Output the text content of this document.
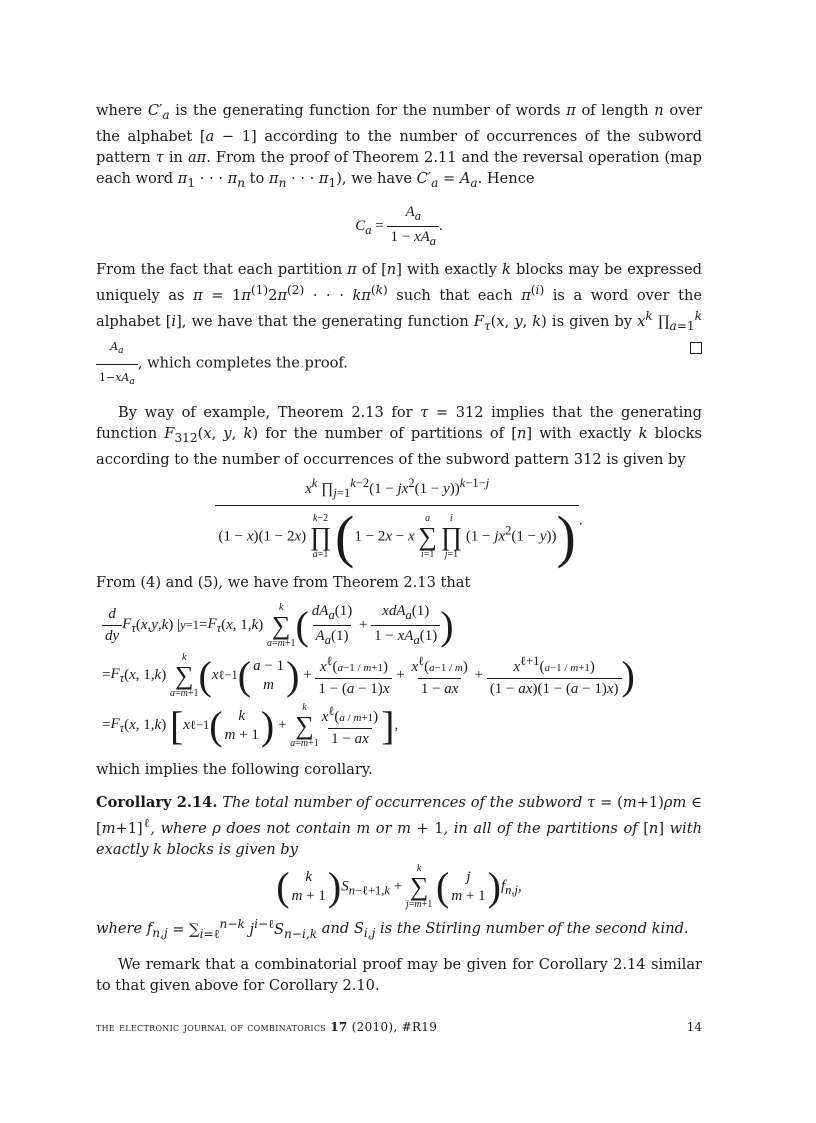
where $C'_a$ is the generating function for the number of words π of length n over the alphabet [a − 1] according to the number of occurrences of the subword pattern τ in aπ. From the proof of Theorem 2.11 and the reversal operation (map each word $\pi_1$ · · · $\pi_n$ to $\pi_n$ · · · $\pi_1$), we have $C'_a = A_a$. Hence

$C_a = \frac{A_a}{1 - xA_a}$ .

From the fact that each partition π of [n] with exactly k blocks may be expressed uniquely as $\pi = 1\pi^{(1)}2\pi^{(2)}$ · · · $k\pi^{(k)}$ such that each $\pi^{(i)}$ is a word over the alphabet [i], we have that the generating function $F_\tau(x$, y, k) is given by $x^k$ $\prod_{a=1}^k$
$\frac{A_a}{1-xA_a}$ , which completes the proof.

By way of example, Theorem 2.13 for τ = 312 implies that the generating function $F_{312}(x$, y, k) for the number of partitions of [n] with exactly k blocks according to the number of occurrences of the subword pattern 312 is given by

$x^k$ $\prod_{j=1}^{k-2}(1 - jx^2(1 - y))^{k-1-j}$
(1 − x)(1 − 2x)
k−2
∏
a=1 (1 − 2x − x
a
∑
i=1

i
∏
j=1
$(1 - jx^2(1 - y))$) .

From (4) and (5), we have from Theorem 2.13 that

$\frac{d}{dy} F_\tau$ ( x , y , k ) | $y=1 = F_\tau$ ( x , 1, k )
k
∑
a=m+1 ( $\frac{dA_a(1)}{A_a(1)} + \frac{xdA_a(1)}{1 - xA_a(1)}$ )
= $F_\tau$ ( x , 1, k )
k
∑
a=m+1 ( x ℓ−1 ( a − 1
m ) + $\frac{x^\ell(a-1 / m+1)}{1 - (a - 1)x} + \frac{x^\ell(a-1 / m)}{1 - ax} + \frac{x^{\ell+1}(a-1 / m+1)}{(1 - ax)(1 - (a - 1)x)}$ )
= $F_\tau$ ( x , 1, k ) [ x ℓ−1 ( k
m + 1 ) +
k
∑
$a=m+1 \frac{x^\ell(a / m+1)}{1 - ax}$ ] ,

which implies the following corollary.

Corollary 2.14. The total number of occurrences of the subword τ = (m+1)ρm ∈ $[m+1]^\ell$, where ρ does not contain m or m + 1, in all of the partitions of [n] with exactly k blocks is given by

( k
m + 1 ) $S_{n-\ell+1,k}$ +
k
∑
j=m+1
( j
m + 1 ) $f_{n,j}$,

where $f_{n,j} = \sum_{i=\ell}^{n-k}$ $j^{i-\ell}S_{n-i,k}$ and $S_{i,j}$ is the Stirling number of the second kind.

We remark that a combinatorial proof may be given for Corollary 2.14 similar to that given above for Corollary 2.10.

the electronic journal of combinatorics 17 (2010), #R19	14
